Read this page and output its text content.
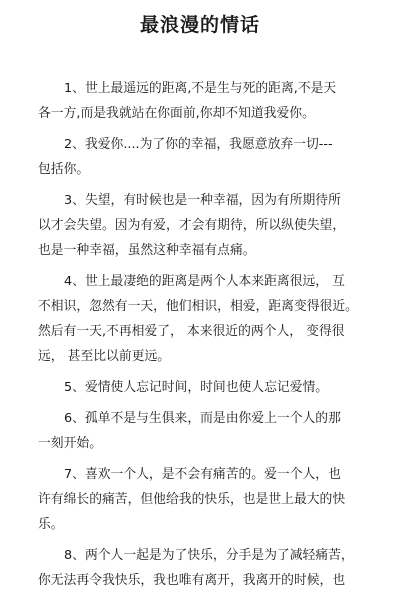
最浪漫的情话
1、世上最遥远的距离,不是生与死的距离,不是天
各一方,而是我就站在你面前,你却不知道我爱你。
2、我爱你....为了你的幸福，我愿意放弃一切---
包括你。
3、失望，有时候也是一种幸福，因为有所期待所
以才会失望。因为有爱，才会有期待，所以纵使失望，
也是一种幸福，虽然这种幸福有点痛。
4、世上最凄绝的距离是两个人本来距离很远， 互
不相识，忽然有一天，他们相识，相爱，距离变得很近。
然后有一天,不再相爱了， 本来很近的两个人， 变得很
远， 甚至比以前更远。
5、爱情使人忘记时间，时间也使人忘记爱情。
6、孤单不是与生俱来，而是由你爱上一个人的那
一刻开始。
7、喜欢一个人，是不会有痛苦的。爱一个人，也
许有绵长的痛苦，但他给我的快乐，也是世上最大的快
乐。
8、两个人一起是为了快乐，分手是为了减轻痛苦，
你无法再令我快乐，我也唯有离开，我离开的时候，也
